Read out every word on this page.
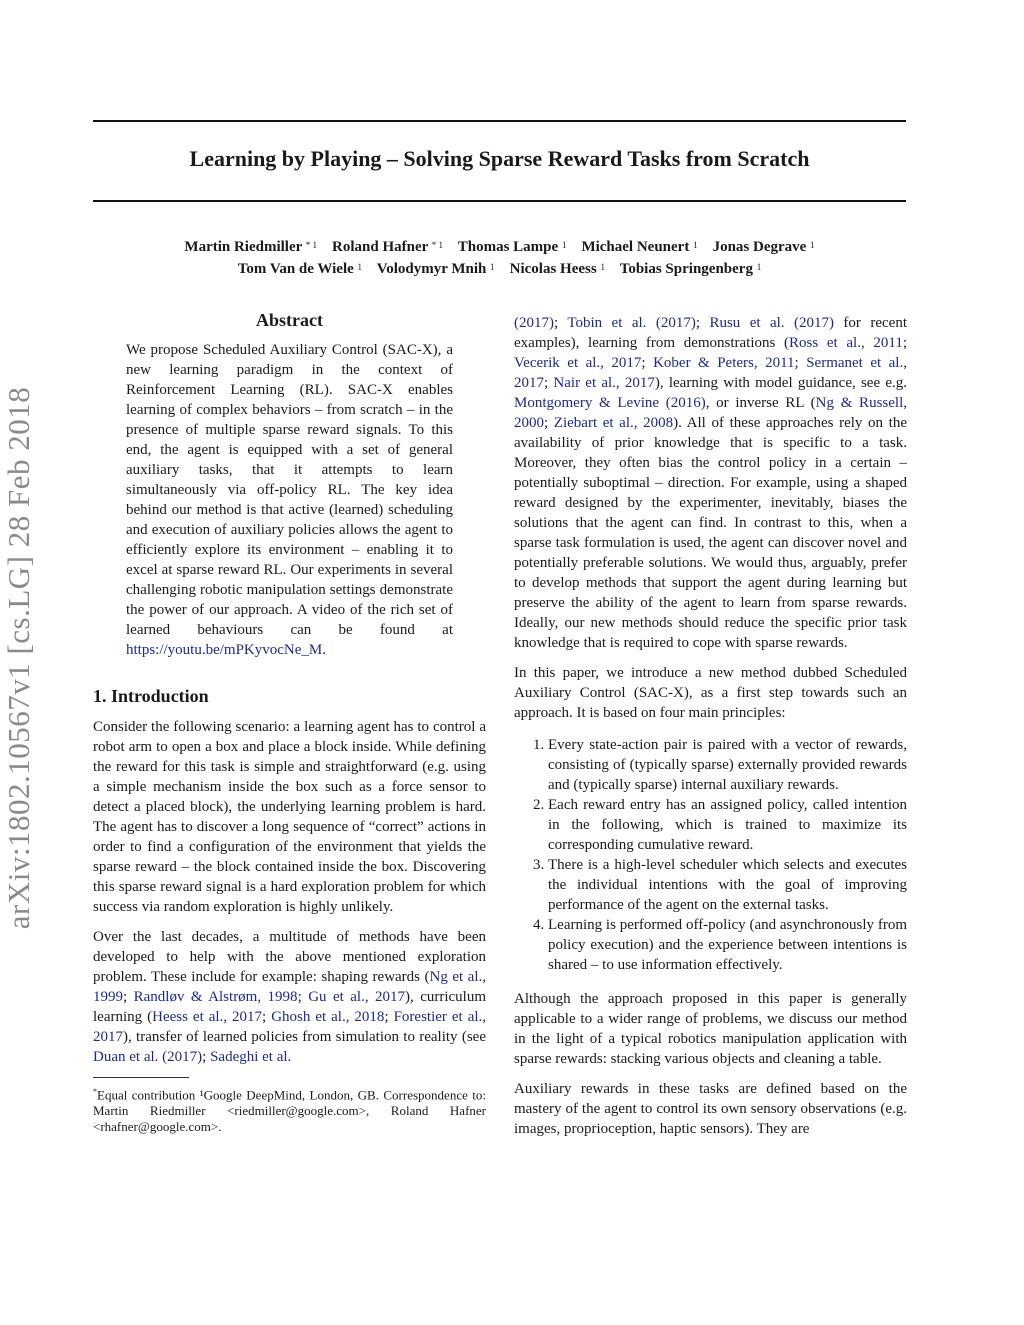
arXiv:1802.10567v1 [cs.LG] 28 Feb 2018
Learning by Playing – Solving Sparse Reward Tasks from Scratch
Martin Riedmiller $^{* 1}$ Roland Hafner $^{* 1}$ Thomas Lampe $^1$ Michael Neunert $^1$ Jonas Degrave $^1$
Tom Van de Wiele $^1$ Volodymyr Mnih $^1$ Nicolas Heess $^1$ Tobias Springenberg $^1$
Abstract

We propose Scheduled Auxiliary Control (SAC-X), a new learning paradigm in the context of Reinforcement Learning (RL). SAC-X enables learning of complex behaviors – from scratch – in the presence of multiple sparse reward signals. To this end, the agent is equipped with a set of general auxiliary tasks, that it attempts to learn simultaneously via off-policy RL. The key idea behind our method is that active (learned) scheduling and execution of auxiliary policies allows the agent to efficiently explore its environment – enabling it to excel at sparse reward RL. Our experiments in several challenging robotic manipulation settings demonstrate the power of our approach. A video of the rich set of learned behaviours can be found at https://youtu.be/mPKyvocNe_M.

1. Introduction

Consider the following scenario: a learning agent has to control a robot arm to open a box and place a block inside. While defining the reward for this task is simple and straightforward (e.g. using a simple mechanism inside the box such as a force sensor to detect a placed block), the underlying learning problem is hard. The agent has to discover a long sequence of “correct” actions in order to find a configuration of the environment that yields the sparse reward – the block contained inside the box. Discovering this sparse reward signal is a hard exploration problem for which success via random exploration is highly unlikely.

Over the last decades, a multitude of methods have been developed to help with the above mentioned exploration problem. These include for example: shaping rewards (Ng et al., 1999; Randløv & Alstrøm, 1998; Gu et al., 2017), curriculum learning (Heess et al., 2017; Ghosh et al., 2018; Forestier et al., 2017), transfer of learned policies from simulation to reality (see Duan et al. (2017); Sadeghi et al.

*Equal contribution ¹Google DeepMind, London, GB. Correspondence to: Martin Riedmiller <riedmiller@google.com>, Roland Hafner <rhafner@google.com>.

(2017); Tobin et al. (2017); Rusu et al. (2017) for recent examples), learning from demonstrations (Ross et al., 2011; Vecerik et al., 2017; Kober & Peters, 2011; Sermanet et al., 2017; Nair et al., 2017), learning with model guidance, see e.g. Montgomery & Levine (2016), or inverse RL (Ng & Russell, 2000; Ziebart et al., 2008). All of these approaches rely on the availability of prior knowledge that is specific to a task. Moreover, they often bias the control policy in a certain – potentially suboptimal – direction. For example, using a shaped reward designed by the experimenter, inevitably, biases the solutions that the agent can find. In contrast to this, when a sparse task formulation is used, the agent can discover novel and potentially preferable solutions. We would thus, arguably, prefer to develop methods that support the agent during learning but preserve the ability of the agent to learn from sparse rewards. Ideally, our new methods should reduce the specific prior task knowledge that is required to cope with sparse rewards.

In this paper, we introduce a new method dubbed Scheduled Auxiliary Control (SAC-X), as a first step towards such an approach. It is based on four main principles:

1. Every state-action pair is paired with a vector of rewards, consisting of (typically sparse) externally provided rewards and (typically sparse) internal auxiliary rewards.
2. Each reward entry has an assigned policy, called intention in the following, which is trained to maximize its corresponding cumulative reward.
3. There is a high-level scheduler which selects and executes the individual intentions with the goal of improving performance of the agent on the external tasks.
4. Learning is performed off-policy (and asynchronously from policy execution) and the experience between intentions is shared – to use information effectively.

Although the approach proposed in this paper is generally applicable to a wider range of problems, we discuss our method in the light of a typical robotics manipulation application with sparse rewards: stacking various objects and cleaning a table.

Auxiliary rewards in these tasks are defined based on the mastery of the agent to control its own sensory observations (e.g. images, proprioception, haptic sensors). They are
